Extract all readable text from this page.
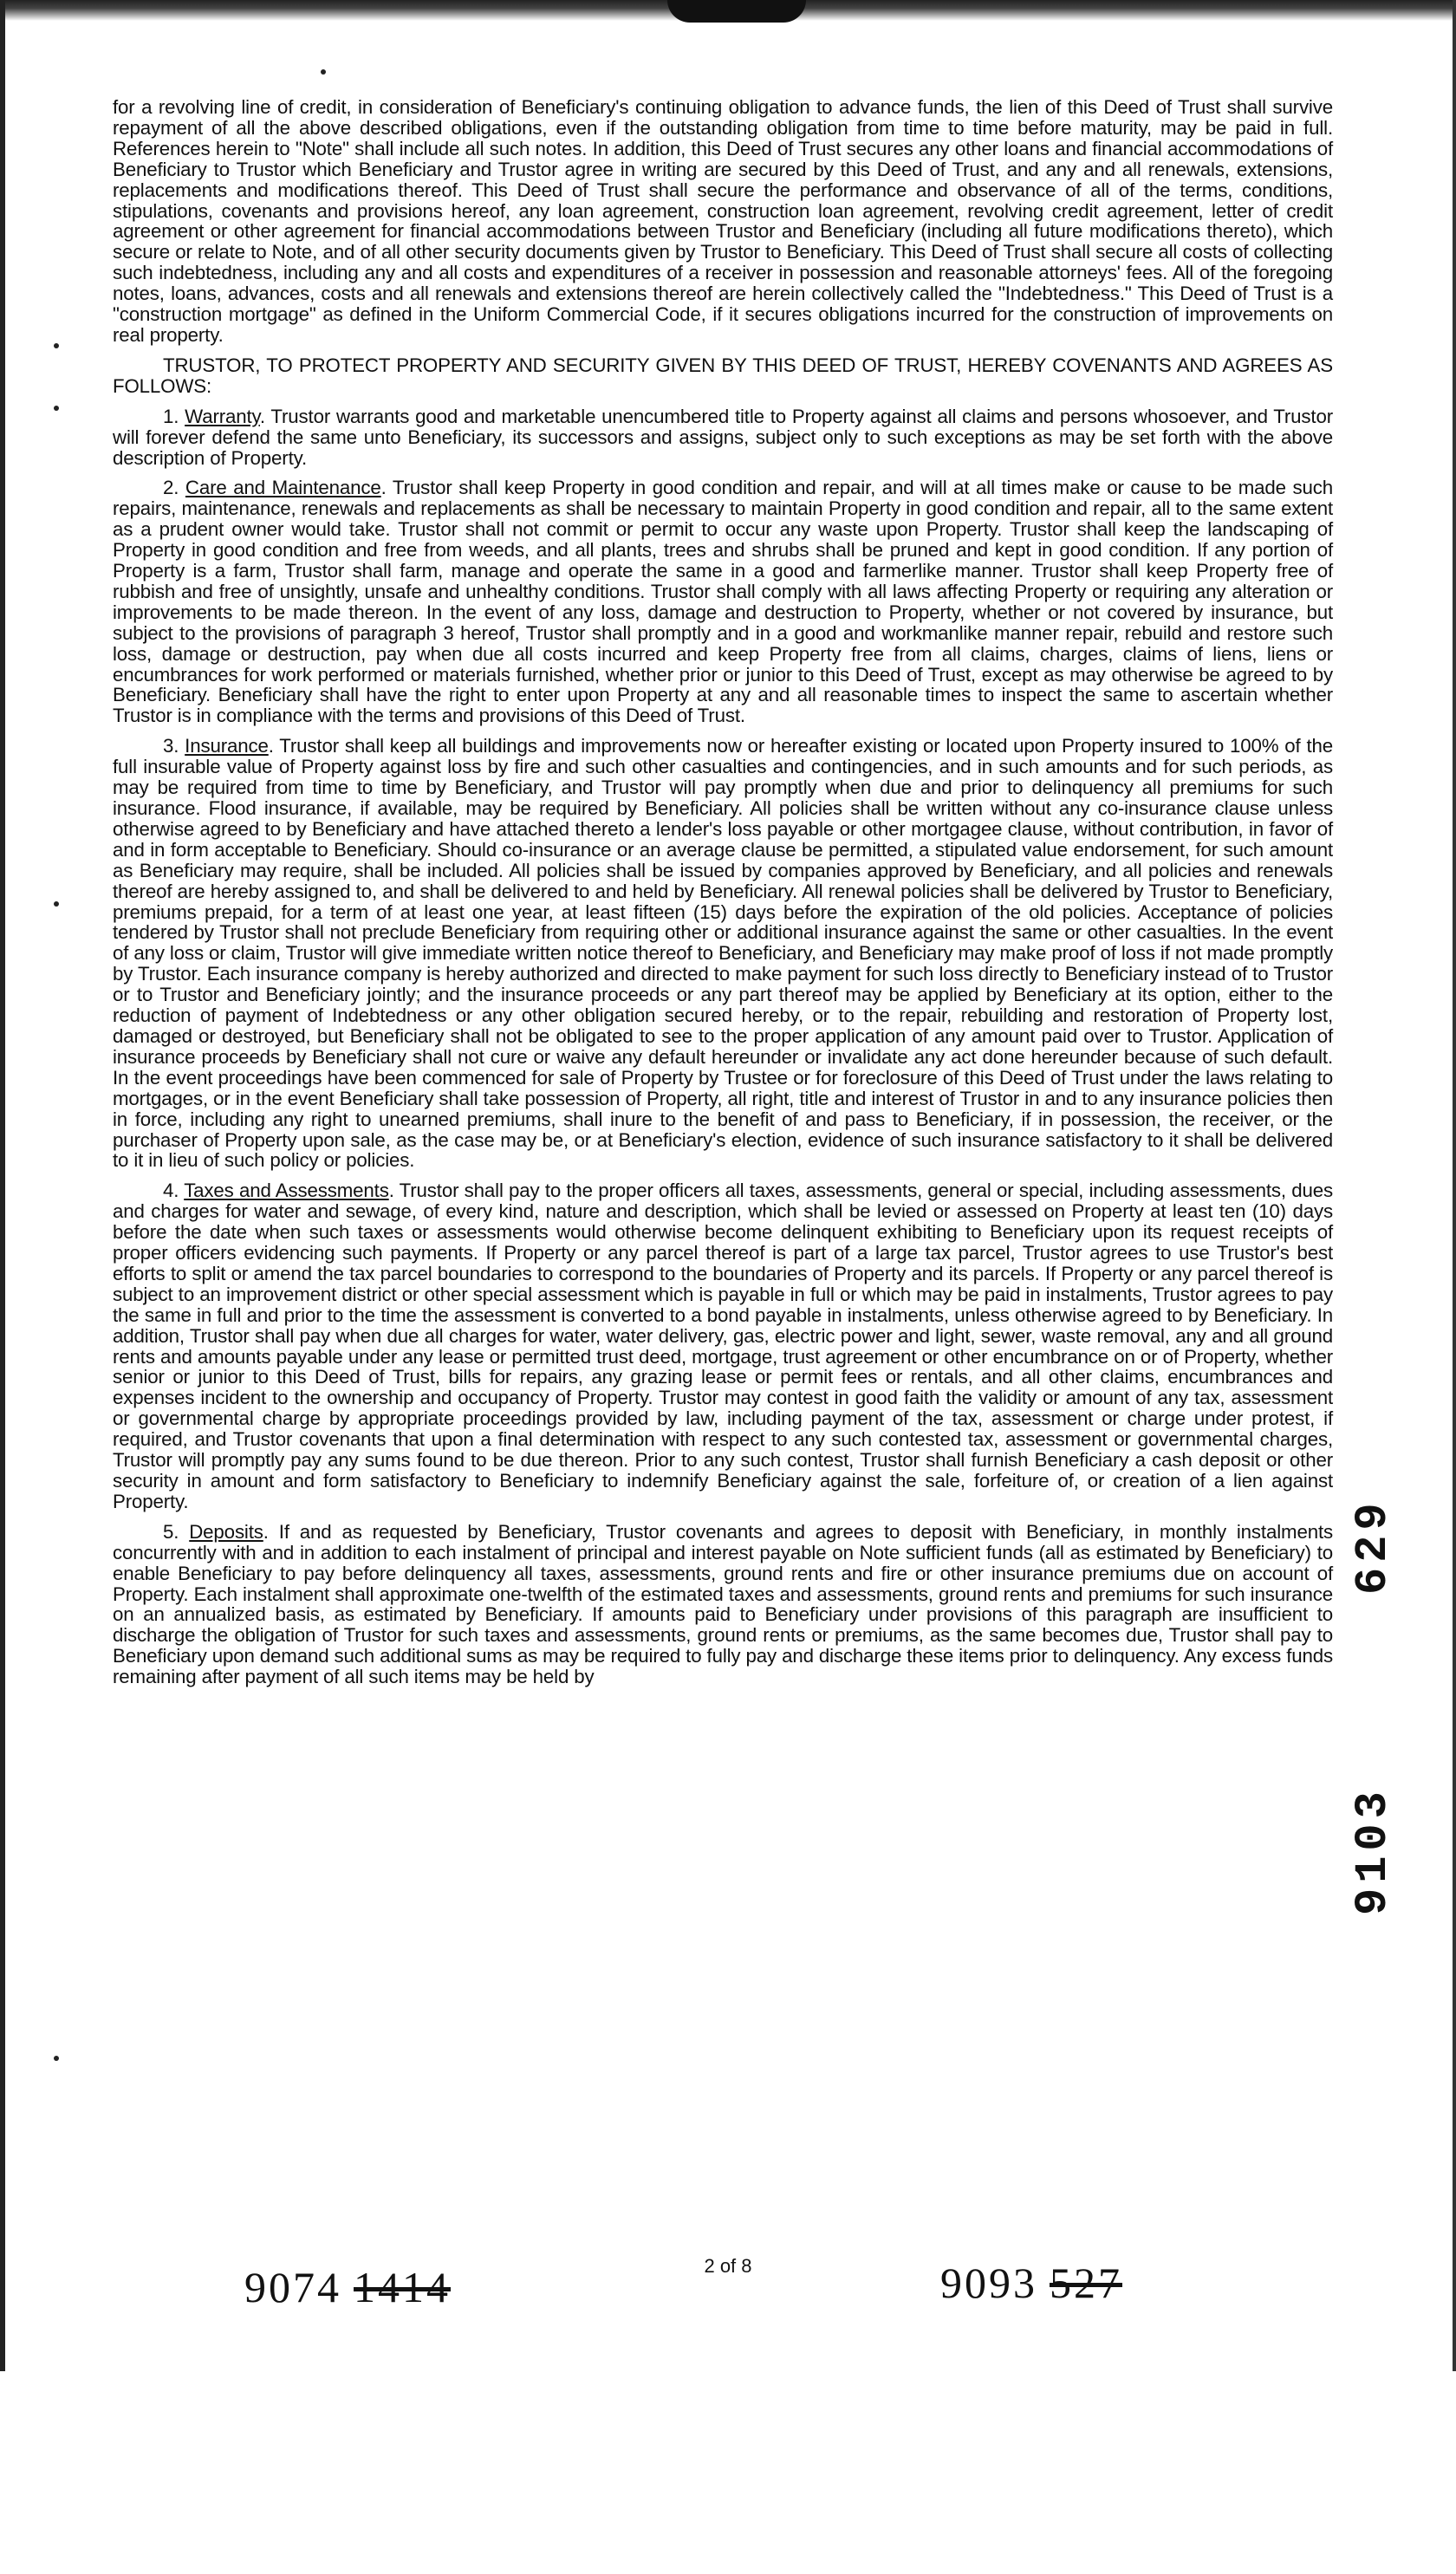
for a revolving line of credit, in consideration of Beneficiary's continuing obligation to advance funds, the lien of this Deed of Trust shall survive repayment of all the above described obligations, even if the outstanding obligation from time to time before maturity, may be paid in full. References herein to "Note" shall include all such notes. In addition, this Deed of Trust secures any other loans and financial accommodations of Beneficiary to Trustor which Beneficiary and Trustor agree in writing are secured by this Deed of Trust, and any and all renewals, extensions, replacements and modifications thereof. This Deed of Trust shall secure the performance and observance of all of the terms, conditions, stipulations, covenants and provisions hereof, any loan agreement, construction loan agreement, revolving credit agreement, letter of credit agreement or other agreement for financial accommodations between Trustor and Beneficiary (including all future modifications thereto), which secure or relate to Note, and of all other security documents given by Trustor to Beneficiary. This Deed of Trust shall secure all costs of collecting such indebtedness, including any and all costs and expenditures of a receiver in possession and reasonable attorneys' fees. All of the foregoing notes, loans, advances, costs and all renewals and extensions thereof are herein collectively called the "Indebtedness." This Deed of Trust is a "construction mortgage" as defined in the Uniform Commercial Code, if it secures obligations incurred for the construction of improvements on real property.

TRUSTOR, TO PROTECT PROPERTY AND SECURITY GIVEN BY THIS DEED OF TRUST, HEREBY COVENANTS AND AGREES AS FOLLOWS:

1. Warranty. Trustor warrants good and marketable unencumbered title to Property against all claims and persons whosoever, and Trustor will forever defend the same unto Beneficiary, its successors and assigns, subject only to such exceptions as may be set forth with the above description of Property.

2. Care and Maintenance. Trustor shall keep Property in good condition and repair, and will at all times make or cause to be made such repairs, maintenance, renewals and replacements as shall be necessary to maintain Property in good condition and repair, all to the same extent as a prudent owner would take. Trustor shall not commit or permit to occur any waste upon Property. Trustor shall keep the landscaping of Property in good condition and free from weeds, and all plants, trees and shrubs shall be pruned and kept in good condition. If any portion of Property is a farm, Trustor shall farm, manage and operate the same in a good and farmerlike manner. Trustor shall keep Property free of rubbish and free of unsightly, unsafe and unhealthy conditions. Trustor shall comply with all laws affecting Property or requiring any alteration or improvements to be made thereon. In the event of any loss, damage and destruction to Property, whether or not covered by insurance, but subject to the provisions of paragraph 3 hereof, Trustor shall promptly and in a good and workmanlike manner repair, rebuild and restore such loss, damage or destruction, pay when due all costs incurred and keep Property free from all claims, charges, claims of liens, liens or encumbrances for work performed or materials furnished, whether prior or junior to this Deed of Trust, except as may otherwise be agreed to by Beneficiary. Beneficiary shall have the right to enter upon Property at any and all reasonable times to inspect the same to ascertain whether Trustor is in compliance with the terms and provisions of this Deed of Trust.

3. Insurance. Trustor shall keep all buildings and improvements now or hereafter existing or located upon Property insured to 100% of the full insurable value of Property against loss by fire and such other casualties and contingencies, and in such amounts and for such periods, as may be required from time to time by Beneficiary, and Trustor will pay promptly when due and prior to delinquency all premiums for such insurance. Flood insurance, if available, may be required by Beneficiary. All policies shall be written without any co-insurance clause unless otherwise agreed to by Beneficiary and have attached thereto a lender's loss payable or other mortgagee clause, without contribution, in favor of and in form acceptable to Beneficiary. Should co-insurance or an average clause be permitted, a stipulated value endorsement, for such amount as Beneficiary may require, shall be included. All policies shall be issued by companies approved by Beneficiary, and all policies and renewals thereof are hereby assigned to, and shall be delivered to and held by Beneficiary. All renewal policies shall be delivered by Trustor to Beneficiary, premiums prepaid, for a term of at least one year, at least fifteen (15) days before the expiration of the old policies. Acceptance of policies tendered by Trustor shall not preclude Beneficiary from requiring other or additional insurance against the same or other casualties. In the event of any loss or claim, Trustor will give immediate written notice thereof to Beneficiary, and Beneficiary may make proof of loss if not made promptly by Trustor. Each insurance company is hereby authorized and directed to make payment for such loss directly to Beneficiary instead of to Trustor or to Trustor and Beneficiary jointly; and the insurance proceeds or any part thereof may be applied by Beneficiary at its option, either to the reduction of payment of Indebtedness or any other obligation secured hereby, or to the repair, rebuilding and restoration of Property lost, damaged or destroyed, but Beneficiary shall not be obligated to see to the proper application of any amount paid over to Trustor. Application of insurance proceeds by Beneficiary shall not cure or waive any default hereunder or invalidate any act done hereunder because of such default. In the event proceedings have been commenced for sale of Property by Trustee or for foreclosure of this Deed of Trust under the laws relating to mortgages, or in the event Beneficiary shall take possession of Property, all right, title and interest of Trustor in and to any insurance policies then in force, including any right to unearned premiums, shall inure to the benefit of and pass to Beneficiary, if in possession, the receiver, or the purchaser of Property upon sale, as the case may be, or at Beneficiary's election, evidence of such insurance satisfactory to it shall be delivered to it in lieu of such policy or policies.

4. Taxes and Assessments. Trustor shall pay to the proper officers all taxes, assessments, general or special, including assessments, dues and charges for water and sewage, of every kind, nature and description, which shall be levied or assessed on Property at least ten (10) days before the date when such taxes or assessments would otherwise become delinquent exhibiting to Beneficiary upon its request receipts of proper officers evidencing such payments. If Property or any parcel thereof is part of a large tax parcel, Trustor agrees to use Trustor's best efforts to split or amend the tax parcel boundaries to correspond to the boundaries of Property and its parcels. If Property or any parcel thereof is subject to an improvement district or other special assessment which is payable in full or which may be paid in instalments, Trustor agrees to pay the same in full and prior to the time the assessment is converted to a bond payable in instalments, unless otherwise agreed to by Beneficiary. In addition, Trustor shall pay when due all charges for water, water delivery, gas, electric power and light, sewer, waste removal, any and all ground rents and amounts payable under any lease or permitted trust deed, mortgage, trust agreement or other encumbrance on or of Property, whether senior or junior to this Deed of Trust, bills for repairs, any grazing lease or permit fees or rentals, and all other claims, encumbrances and expenses incident to the ownership and occupancy of Property. Trustor may contest in good faith the validity or amount of any tax, assessment or governmental charge by appropriate proceedings provided by law, including payment of the tax, assessment or charge under protest, if required, and Trustor covenants that upon a final determination with respect to any such contested tax, assessment or governmental charges, Trustor will promptly pay any sums found to be due thereon. Prior to any such contest, Trustor shall furnish Beneficiary a cash deposit or other security in amount and form satisfactory to Beneficiary to indemnify Beneficiary against the sale, forfeiture of, or creation of a lien against Property.

5. Deposits. If and as requested by Beneficiary, Trustor covenants and agrees to deposit with Beneficiary, in monthly instalments concurrently with and in addition to each instalment of principal and interest payable on Note sufficient funds (all as estimated by Beneficiary) to enable Beneficiary to pay before delinquency all taxes, assessments, ground rents and fire or other insurance premiums due on account of Property. Each instalment shall approximate one-twelfth of the estimated taxes and assessments, ground rents and premiums for such insurance on an annualized basis, as estimated by Beneficiary. If amounts paid to Beneficiary under provisions of this paragraph are insufficient to discharge the obligation of Trustor for such taxes and assessments, ground rents or premiums, as the same becomes due, Trustor shall pay to Beneficiary upon demand such additional sums as may be required to fully pay and discharge these items prior to delinquency. Any excess funds remaining after payment of all such items may be held by

629
9103
9074 1414	2 of 8	9093 527
